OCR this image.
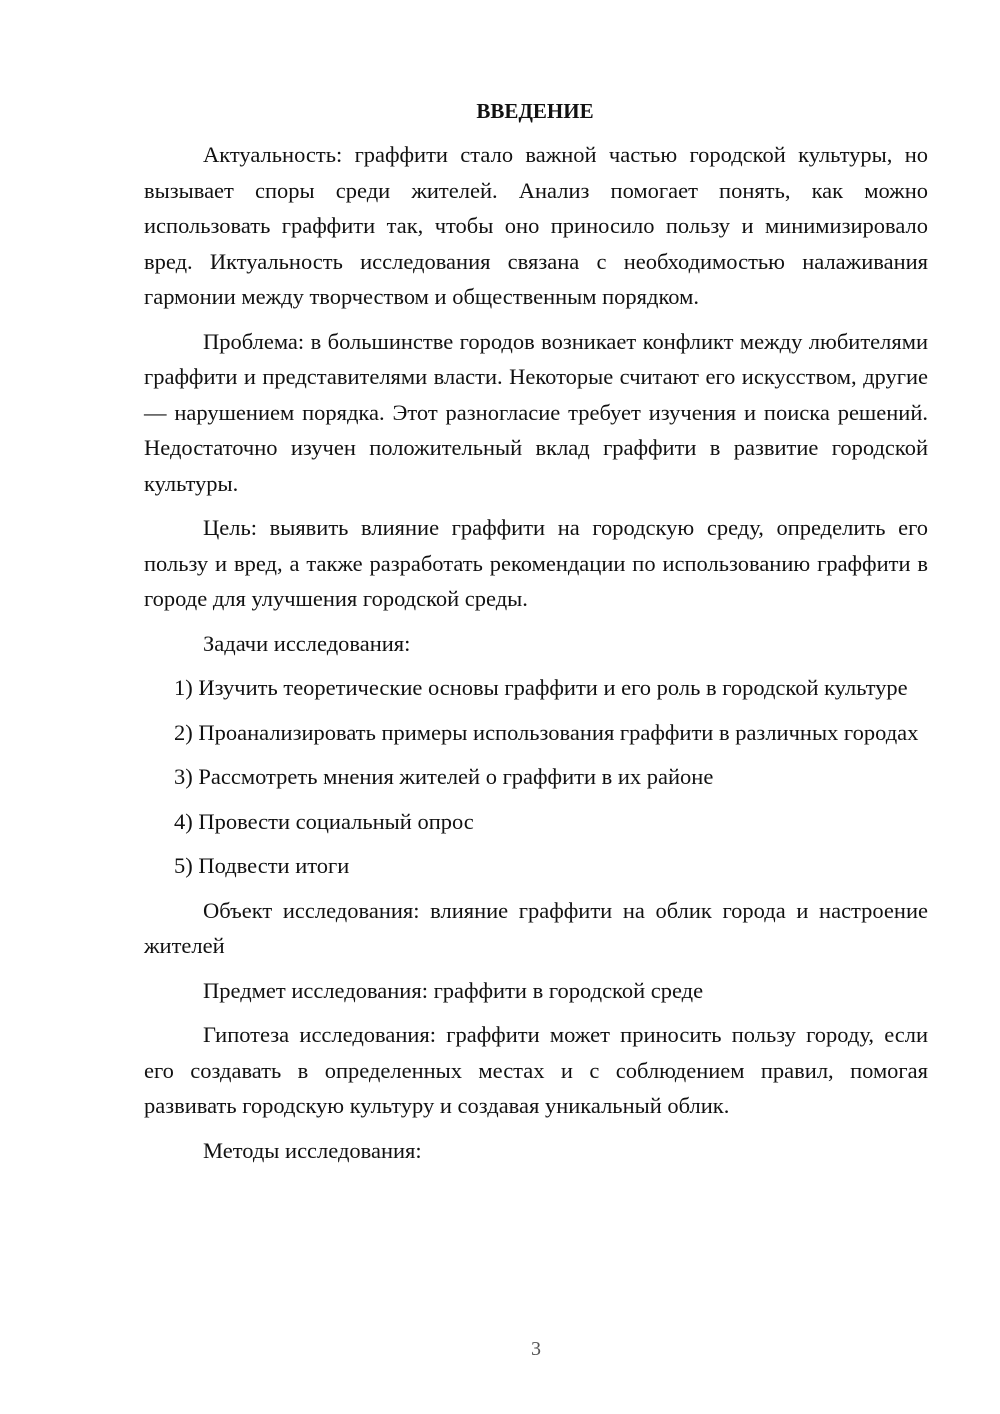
ВВЕДЕНИЕ

Актуальность: граффити стало важной частью городской культуры, но вызывает споры среди жителей. Анализ помогает понять, как можно использовать граффити так, чтобы оно приносило пользу и минимизировало вред. Иктуальность исследования связана с необходимостью налаживания гармонии между творчеством и общественным порядком.

Проблема: в большинстве городов возникает конфликт между любителями граффити и представителями власти. Некоторые считают его искусством, другие — нарушением порядка. Этот разногласие требует изучения и поиска решений. Недостаточно изучен положительный вклад граффити в развитие городской культуры.

Цель: выявить влияние граффити на городскую среду, определить его пользу и вред, а также разработать рекомендации по использованию граффити в городе для улучшения городской среды.

Задачи исследования:

1) Изучить теоретические основы граффити и его роль в городской культуре

2) Проанализировать примеры использования граффити в различных городах

3) Рассмотреть мнения жителей о граффити в их районе

4) Провести социальный опрос

5) Подвести итоги

Объект исследования: влияние граффити на облик города и настроение жителей

Предмет исследования: граффити в городской среде

Гипотеза исследования: граффити может приносить пользу городу, если его создавать в определенных местах и с соблюдением правил, помогая развивать городскую культуру и создавая уникальный облик.

Методы исследования:

3
